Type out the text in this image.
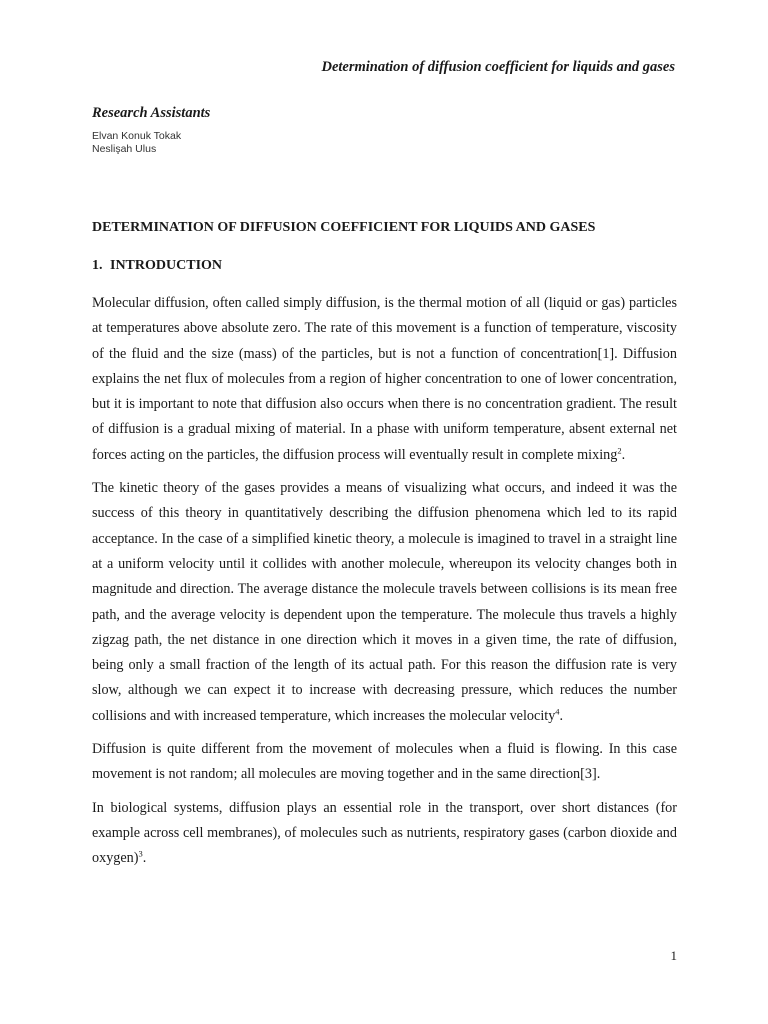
Determination of diffusion coefficient for liquids and gases
Research Assistants
Elvan Konuk Tokak
Neslişah Ulus
DETERMINATION OF DIFFUSION COEFFICIENT FOR LIQUIDS AND GASES
1. INTRODUCTION

Molecular diffusion, often called simply diffusion, is the thermal motion of all (liquid or gas) particles at temperatures above absolute zero. The rate of this movement is a function of temperature, viscosity of the fluid and the size (mass) of the particles, but is not a function of concentration[1]. Diffusion explains the net flux of molecules from a region of higher concentration to one of lower concentration, but it is important to note that diffusion also occurs when there is no concentration gradient. The result of diffusion is a gradual mixing of material. In a phase with uniform temperature, absent external net forces acting on the particles, the diffusion process will eventually result in complete mixing$^2$.

The kinetic theory of the gases provides a means of visualizing what occurs, and indeed it was the success of this theory in quantitatively describing the diffusion phenomena which led to its rapid acceptance. In the case of a simplified kinetic theory, a molecule is imagined to travel in a straight line at a uniform velocity until it collides with another molecule, whereupon its velocity changes both in magnitude and direction. The average distance the molecule travels between collisions is its mean free path, and the average velocity is dependent upon the temperature. The molecule thus travels a highly zigzag path, the net distance in one direction which it moves in a given time, the rate of diffusion, being only a small fraction of the length of its actual path. For this reason the diffusion rate is very slow, although we can expect it to increase with decreasing pressure, which reduces the number collisions and with increased temperature, which increases the molecular velocity$^4$.

Diffusion is quite different from the movement of molecules when a fluid is flowing. In this case movement is not random; all molecules are moving together and in the same direction[3].

In biological systems, diffusion plays an essential role in the transport, over short distances (for example across cell membranes), of molecules such as nutrients, respiratory gases (carbon dioxide and oxygen)$^3$.

1
